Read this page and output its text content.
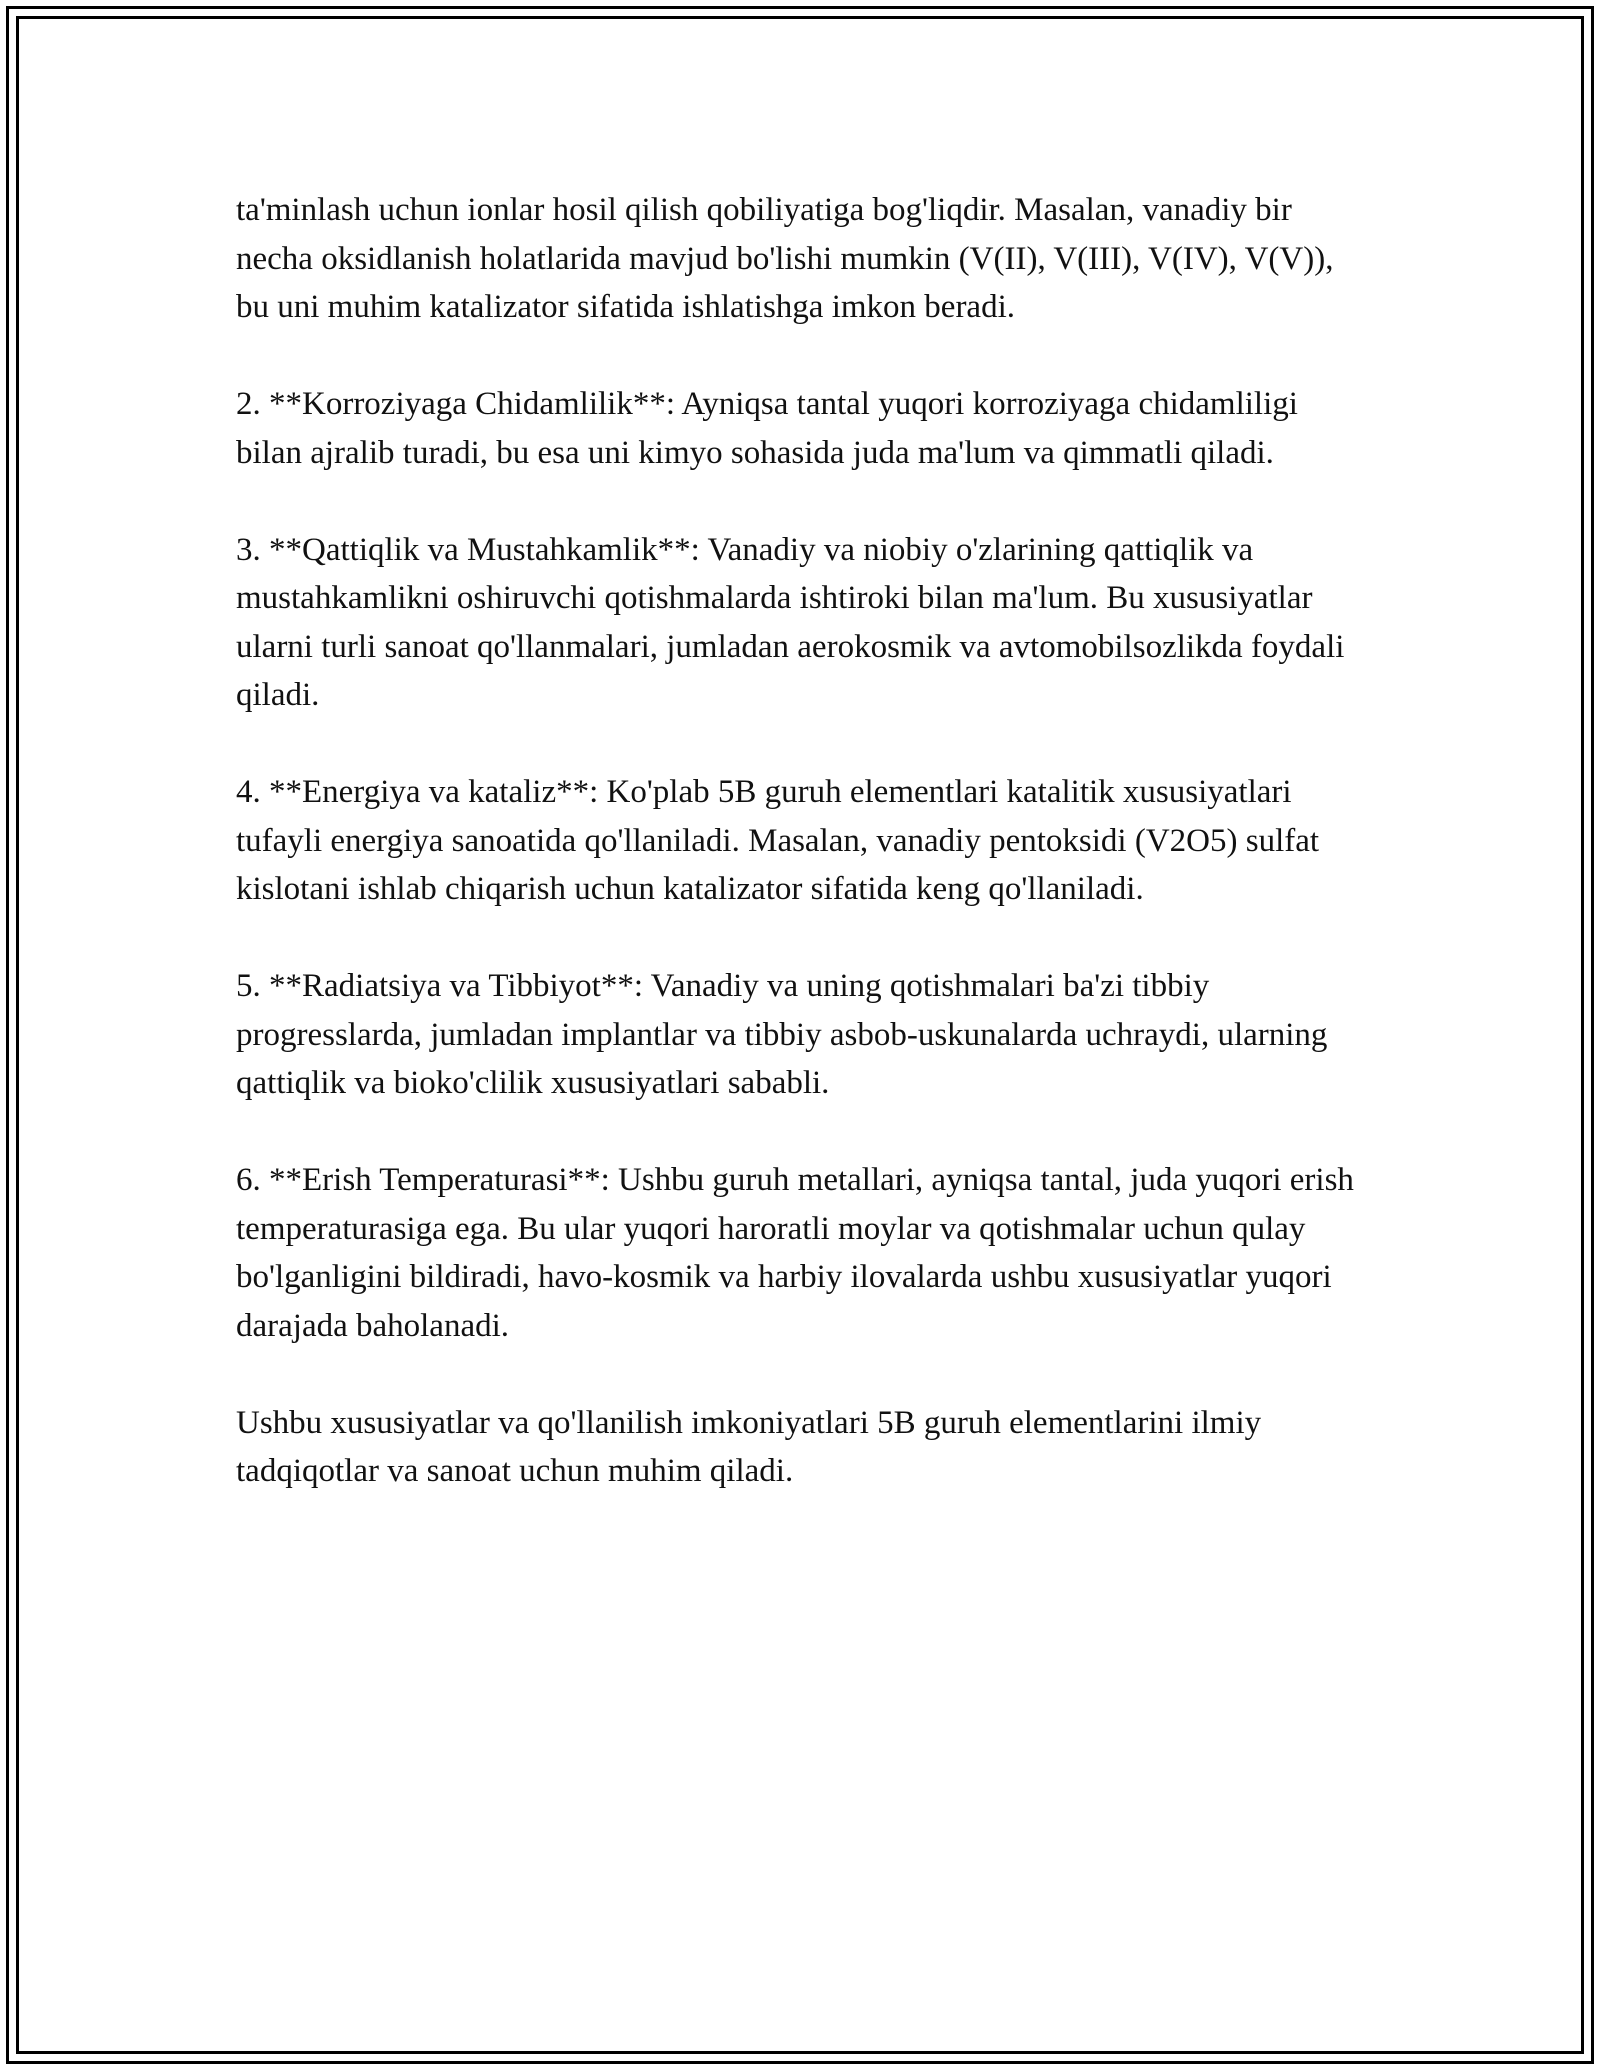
ta'minlash uchun ionlar hosil qilish qobiliyatiga bog'liqdir. Masalan, vanadiy bir necha oksidlanish holatlarida mavjud bo'lishi mumkin (V(II), V(III), V(IV), V(V)), bu uni muhim katalizator sifatida ishlatishga imkon beradi.

2. **Korroziyaga Chidamlilik**: Ayniqsa tantal yuqori korroziyaga chidamliligi bilan ajralib turadi, bu esa uni kimyo sohasida juda ma'lum va qimmatli qiladi.

3. **Qattiqlik va Mustahkamlik**: Vanadiy va niobiy o'zlarining qattiqlik va mustahkamlikni oshiruvchi qotishmalarda ishtiroki bilan ma'lum. Bu xususiyatlar ularni turli sanoat qo'llanmalari, jumladan aerokosmik va avtomobilsozlikda foydali qiladi.

4. **Energiya va kataliz**: Ko'plab 5B guruh elementlari katalitik xususiyatlari tufayli energiya sanoatida qo'llaniladi. Masalan, vanadiy pentoksidi (V2O5) sulfat kislotani ishlab chiqarish uchun katalizator sifatida keng qo'llaniladi.

5. **Radiatsiya va Tibbiyot**: Vanadiy va uning qotishmalari ba'zi tibbiy progresslarda, jumladan implantlar va tibbiy asbob-uskunalarda uchraydi, ularning qattiqlik va bioko'clilik xususiyatlari sababli.

6. **Erish Temperaturasi**: Ushbu guruh metallari, ayniqsa tantal, juda yuqori erish temperaturasiga ega. Bu ular yuqori haroratli moylar va qotishmalar uchun qulay bo'lganligini bildiradi, havo-kosmik va harbiy ilovalarda ushbu xususiyatlar yuqori darajada baholanadi.

Ushbu xususiyatlar va qo'llanilish imkoniyatlari 5B guruh elementlarini ilmiy tadqiqotlar va sanoat uchun muhim qiladi.
